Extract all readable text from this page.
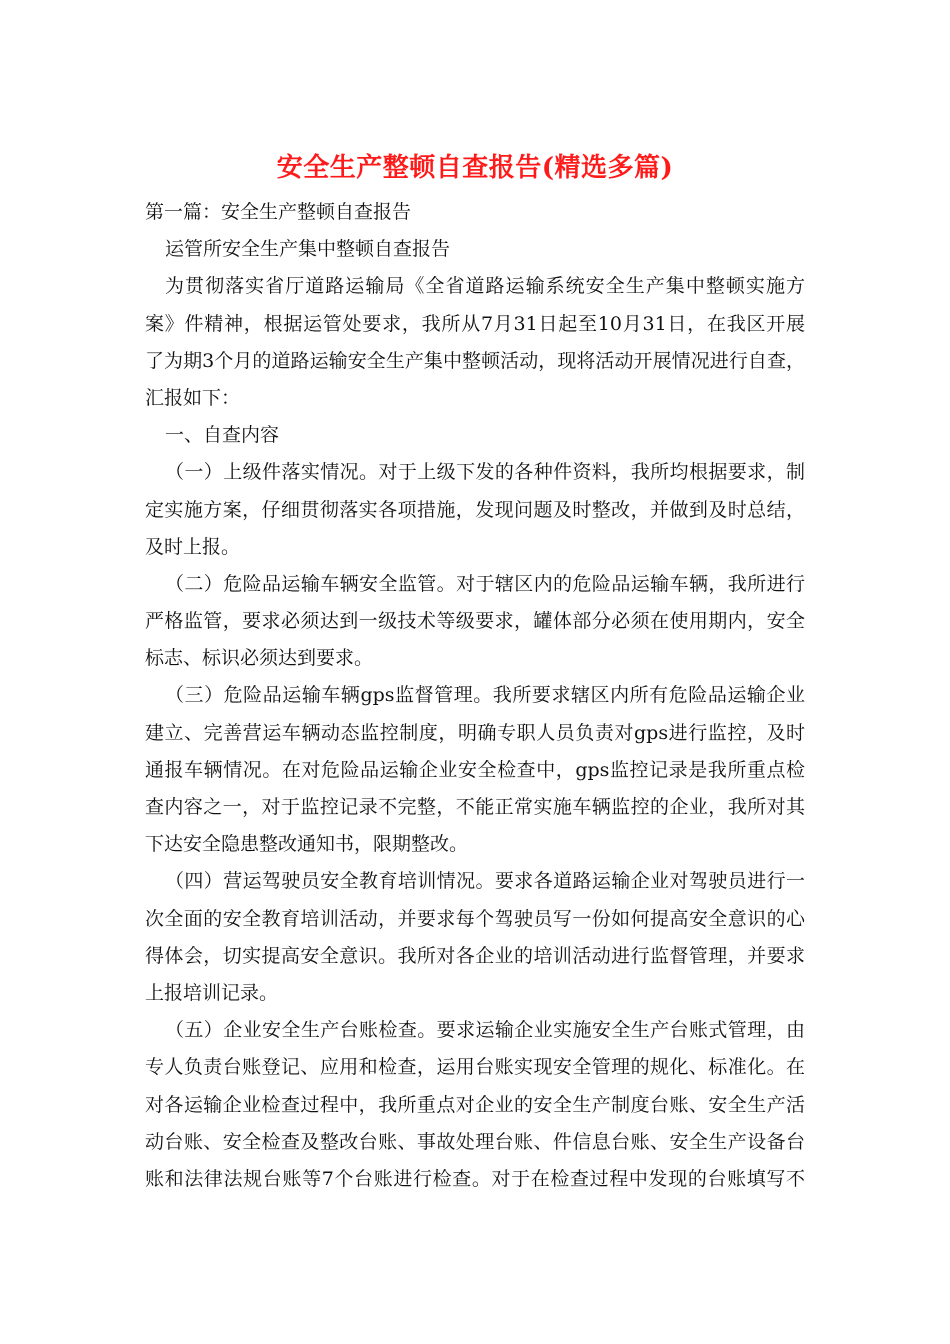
安全生产整顿自查报告(精选多篇)
第一篇：安全生产整顿自查报告
运管所安全生产集中整顿自查报告
为贯彻落实省厅道路运输局《全省道路运输系统安全生产集中整顿实施方
案》件精神，根据运管处要求，我所从7月31日起至10月31日，在我区开展
了为期3个月的道路运输安全生产集中整顿活动，现将活动开展情况进行自查，
汇报如下：
一、自查内容
（一）上级件落实情况。对于上级下发的各种件资料，我所均根据要求，制
定实施方案，仔细贯彻落实各项措施，发现问题及时整改，并做到及时总结，
及时上报。
（二）危险品运输车辆安全监管。对于辖区内的危险品运输车辆，我所进行
严格监管，要求必须达到一级技术等级要求，罐体部分必须在使用期内，安全
标志、标识必须达到要求。
（三）危险品运输车辆gps监督管理。我所要求辖区内所有危险品运输企业
建立、完善营运车辆动态监控制度，明确专职人员负责对gps进行监控，及时
通报车辆情况。在对危险品运输企业安全检查中，gps监控记录是我所重点检
查内容之一，对于监控记录不完整，不能正常实施车辆监控的企业，我所对其
下达安全隐患整改通知书，限期整改。
（四）营运驾驶员安全教育培训情况。要求各道路运输企业对驾驶员进行一
次全面的安全教育培训活动，并要求每个驾驶员写一份如何提高安全意识的心
得体会，切实提高安全意识。我所对各企业的培训活动进行监督管理，并要求
上报培训记录。
（五）企业安全生产台账检查。要求运输企业实施安全生产台账式管理，由
专人负责台账登记、应用和检查，运用台账实现安全管理的规化、标准化。在
对各运输企业检查过程中，我所重点对企业的安全生产制度台账、安全生产活
动台账、安全检查及整改台账、事故处理台账、件信息台账、安全生产设备台
账和法律法规台账等7个台账进行检查。对于在检查过程中发现的台账填写不
